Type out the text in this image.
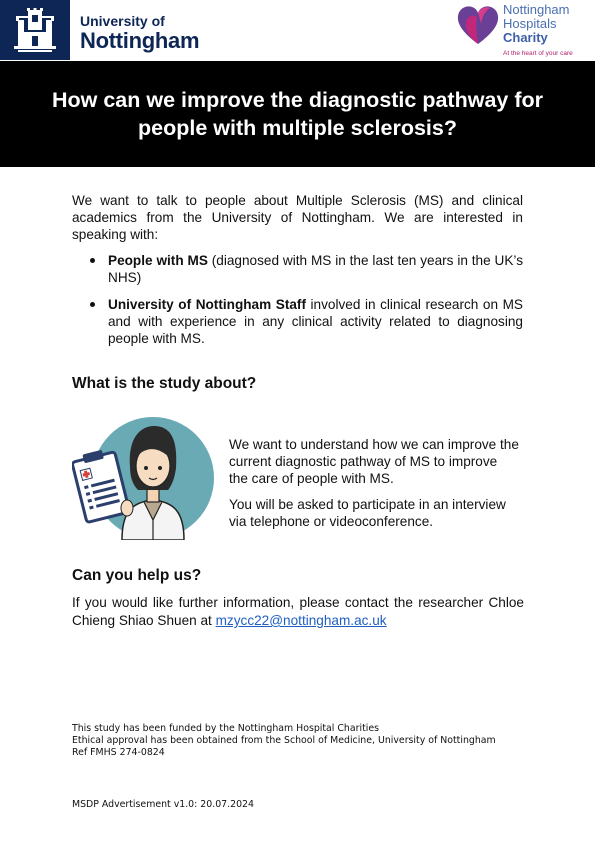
University of
Nottingham
Nottingham
Hospitals
Charity
At the heart of your care
How can we improve the diagnostic pathway for people with multiple sclerosis?

We want to talk to people about Multiple Sclerosis (MS) and clinical academics from the University of Nottingham. We are interested in speaking with:

People with MS (diagnosed with MS in the last ten years in the UK’s NHS)
University of Nottingham Staff involved in clinical research on MS and with experience in any clinical activity related to diagnosing people with MS.
What is the study about?

We want to understand how we can improve the current diagnostic pathway of MS to improve the care of people with MS.

You will be asked to participate in an interview via telephone or videoconference.

Can you help us?

If you would like further information, please contact the researcher Chloe Chieng Shiao Shuen at mzycc22@nottingham.ac.uk

This study has been funded by the Nottingham Hospital Charities
Ethical approval has been obtained from the School of Medicine, University of Nottingham Ref FMHS 274-0824
MSDP Advertisement v1.0: 20.07.2024
